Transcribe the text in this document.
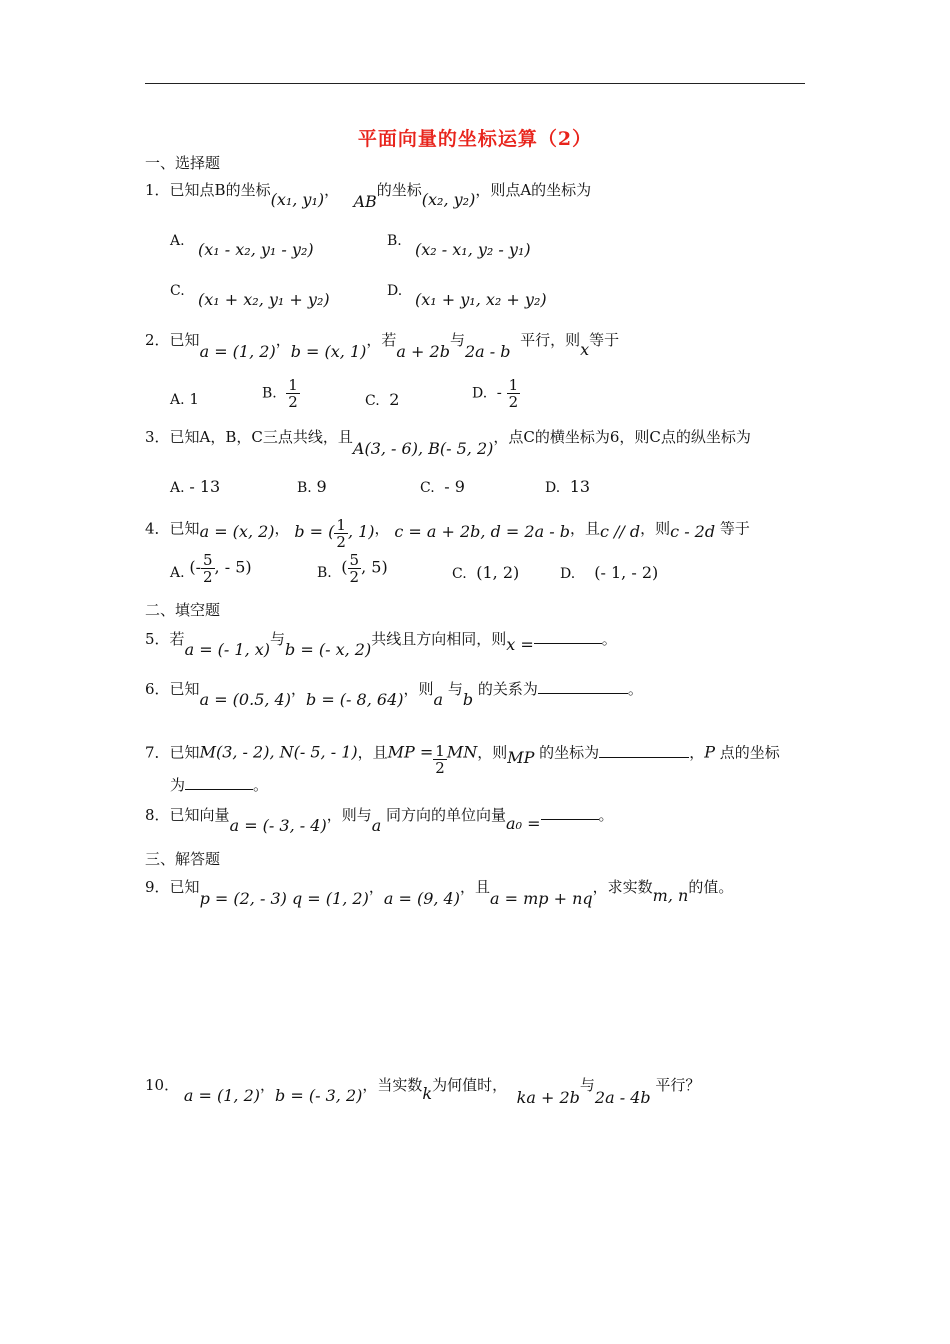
平面向量的坐标运算（2）
一、选择题
1．已知点B的坐标(x₁, y₁)，   AB的坐标(x₂, y₂)，则点A的坐标为
A. (x₁ - x₂, y₁ - y₂)	B. (x₂ - x₁, y₂ - y₁)
C. (x₁ + x₂, y₁ + y₂)	D. (x₁ + y₁, x₂ + y₂)
2．已知a = (1, 2)，b = (x, 1)，若a + 2b与2a - b  平行，则x等于
A. 1	B. $\frac{1}{2}$	C. 2	D. - $\frac{1}{2}$
3．已知A，B，C三点共线，且A(3, - 6), B(- 5, 2)，点C的横坐标为6，则C点的纵坐标为
A. - 13	B. 9	C. - 9	D. 13
4．已知a = (x, 2)， b = ( $\frac{1}{2}$ , 1)， c = a + 2b, d = 2a - b，且c // d，则c - 2d 等于
A. (- $\frac{5}{2}$ , - 5)	B. ( $\frac{5}{2}$ , 5)	C. (1, 2)	D. (- 1, - 2)
二、填空题
5．若a = (- 1, x)与b = (- x, 2)共线且方向相同，则x =	。
6．已知a = (0.5, 4)，b = (- 8, 64)，则a 与b 的关系为	。
7．已知M(3, - 2), N(- 5, - 1)，且MP = $\frac{1}{2}$ MN，则MP 的坐标为	，P 点的坐标
为	。
8．已知向量a = (- 3, - 4)，则与a 同方向的单位向量a₀ =	。
三、解答题
9．已知p = (2, - 3) q = (1, 2)，a = (9, 4)，且a = mp + nq，求实数m, n的值。
10． a = (1, 2)，b = (- 3, 2)，当实数k为何值时，  ka + 2b与2a - 4b 平行？
